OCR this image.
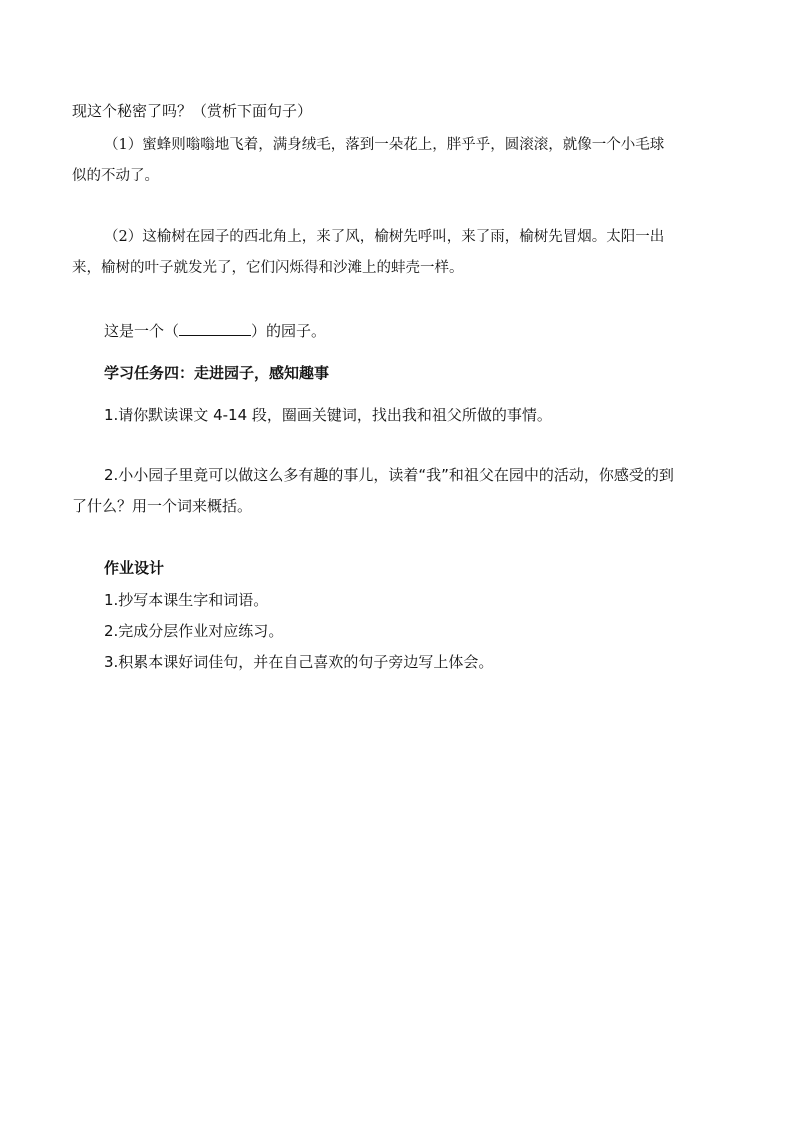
现这个秘密了吗？（赏析下面句子）
（1）蜜蜂则嗡嗡地飞着，满身绒毛，落到一朵花上，胖乎乎，圆滚滚，就像一个小毛球
似的不动了。
（2）这榆树在园子的西北角上，来了风，榆树先呼叫，来了雨，榆树先冒烟。太阳一出
来，榆树的叶子就发光了，它们闪烁得和沙滩上的蚌壳一样。
这是一个（	）的园子。
学习任务四：走进园子，感知趣事
1.请你默读课文 4-14 段，圈画关键词，找出我和祖父所做的事情。
2.小小园子里竟可以做这么多有趣的事儿，读着“我”和祖父在园中的活动，你感受的到
了什么？用一个词来概括。
作业设计
1.抄写本课生字和词语。
2.完成分层作业对应练习。
3.积累本课好词佳句，并在自己喜欢的句子旁边写上体会。
